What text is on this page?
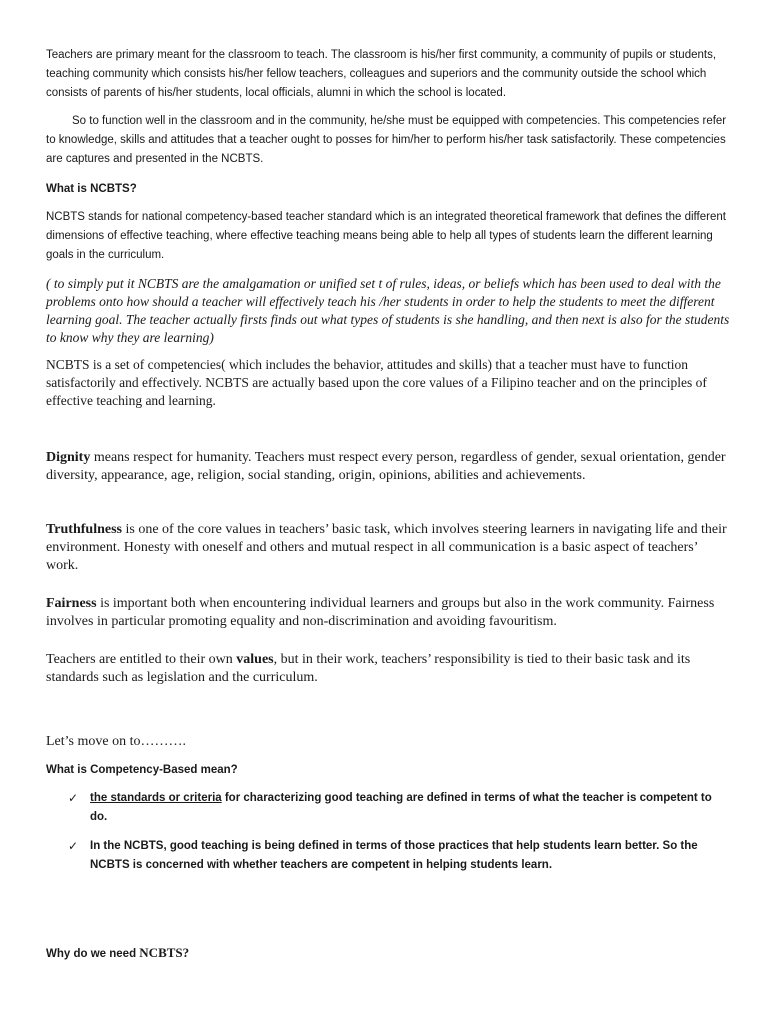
Teachers are primary meant for the classroom to teach. The classroom is his/her first community, a community of pupils or students, teaching community which consists his/her fellow teachers, colleagues and superiors and the community outside the school which consists of parents of his/her students, local officials, alumni in which the school is located.

So to function well in the classroom and in the community, he/she must be equipped with competencies. This competencies refer to knowledge, skills and attitudes that a teacher ought to posses for him/her to perform his/her task satisfactorily. These competencies are captures and presented in the NCBTS.

What is NCBTS?

NCBTS stands for national competency-based teacher standard which is an integrated theoretical framework that defines the different dimensions of effective teaching, where effective teaching means being able to help all types of students learn the different learning goals in the curriculum.

( to simply put it NCBTS are the amalgamation or unified set t of rules, ideas, or beliefs which has been used to deal with the problems onto how should a teacher will effectively teach his /her students in order to help the students to meet the different learning goal. The teacher actually firsts finds out what types of students is she handling, and then next is also for the students to know why they are learning)

NCBTS is a set of competencies( which includes the behavior, attitudes and skills) that a teacher must have to function satisfactorily and effectively. NCBTS are actually based upon the core values of a Filipino teacher and on the principles of effective teaching and learning.

Dignity means respect for humanity. Teachers must respect every person, regardless of gender, sexual orientation, gender diversity, appearance, age, religion, social standing, origin, opinions, abilities and achievements.

Truthfulness is one of the core values in teachers’ basic task, which involves steering learners in navigating life and their environment. Honesty with oneself and others and mutual respect in all communication is a basic aspect of teachers’ work.

Fairness is important both when encountering individual learners and groups but also in the work community. Fairness involves in particular promoting equality and non-discrimination and avoiding favouritism.

Teachers are entitled to their own values, but in their work, teachers’ responsibility is tied to their basic task and its standards such as legislation and the curriculum.

Let’s move on to……….

What is Competency-Based mean?

✓ the standards or criteria for characterizing good teaching are defined in terms of what the teacher is competent to do.
✓ In the NCBTS, good teaching is being defined in terms of those practices that help students learn better. So the NCBTS is concerned with whether teachers are competent in helping students learn.

Why do we need NCBTS?
